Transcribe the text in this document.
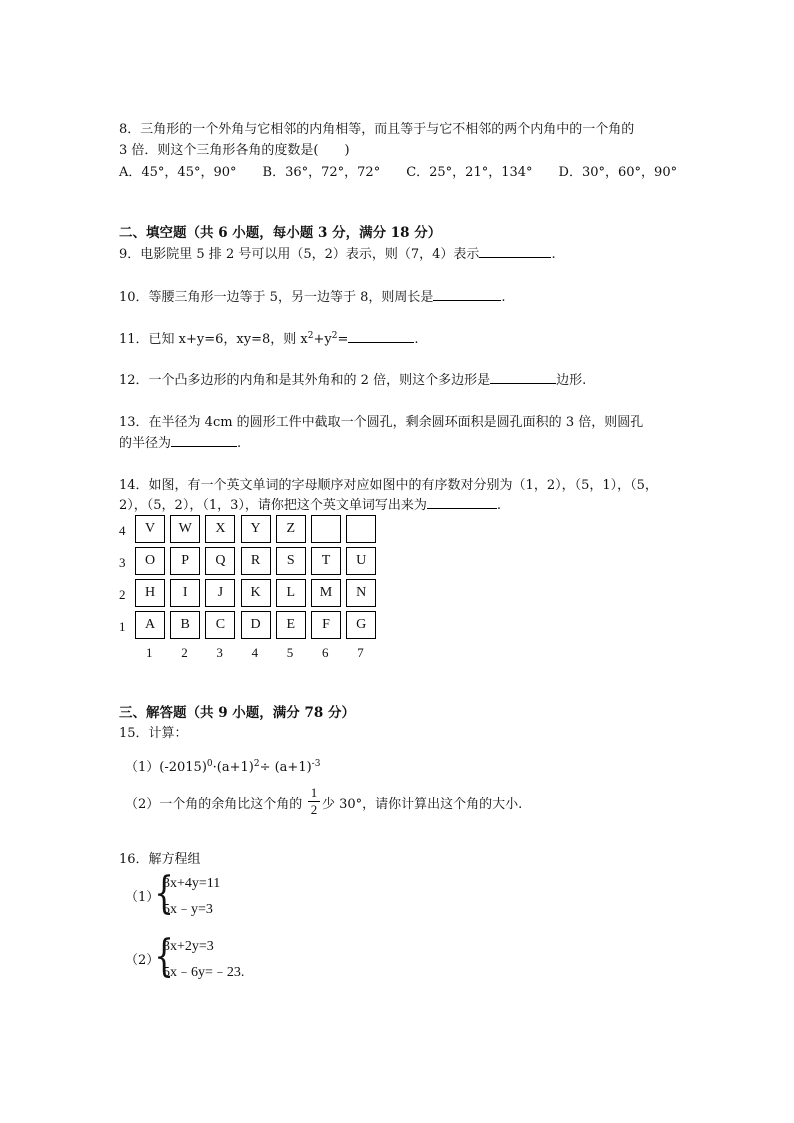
8．三角形的一个外角与它相邻的内角相等，而且等于与它不相邻的两个内角中的一个角的
3 倍．则这个三角形各角的度数是(　　)
A．45°，45°，90°　　B．36°，72°，72°　　C．25°，21°，134°　　D．30°，60°，90°
二、填空题（共 6 小题，每小题 3 分，满分 18 分）
9．电影院里 5 排 2 号可以用（5，2）表示，则（7，4）表示	.
10．等腰三角形一边等于 5，另一边等于 8，则周长是	.
11．已知 x+y=6，xy=8，则 $x^2+y^2=$	.
12．一个凸多边形的内角和是其外角和的 2 倍，则这个多边形是	边形.
13．在半径为 4cm 的圆形工件中截取一个圆孔，剩余圆环面积是圆孔面积的 3 倍，则圆孔
的半径为	.
14．如图，有一个英文单词的字母顺序对应如图中的有序数对分别为（1，2），（5，1），（5，
2），（5，2），（1，3），请你把这个英文单词写出来为	.
4	V	W	X	Y	Z
3	O	P	Q	R	S	T	U
2	H	I	J	K	L	M	N
1	A	B	C	D	E	F	G
1 2 3 4 5 6 7
三、解答题（共 9 小题，满分 78 分）
15．计算：
$(1)(-2015)^0\cdot(a+1)^2\div (a+1)^{-3}$
（2）一个角的余角比这个角的
1
2 少 30°，请你计算出这个角的大小.
16．解方程组
（1）
{
3x+4y=11
5x﹣y=3
（2）
{
3x+2y=3
5x﹣6y=﹣23.
